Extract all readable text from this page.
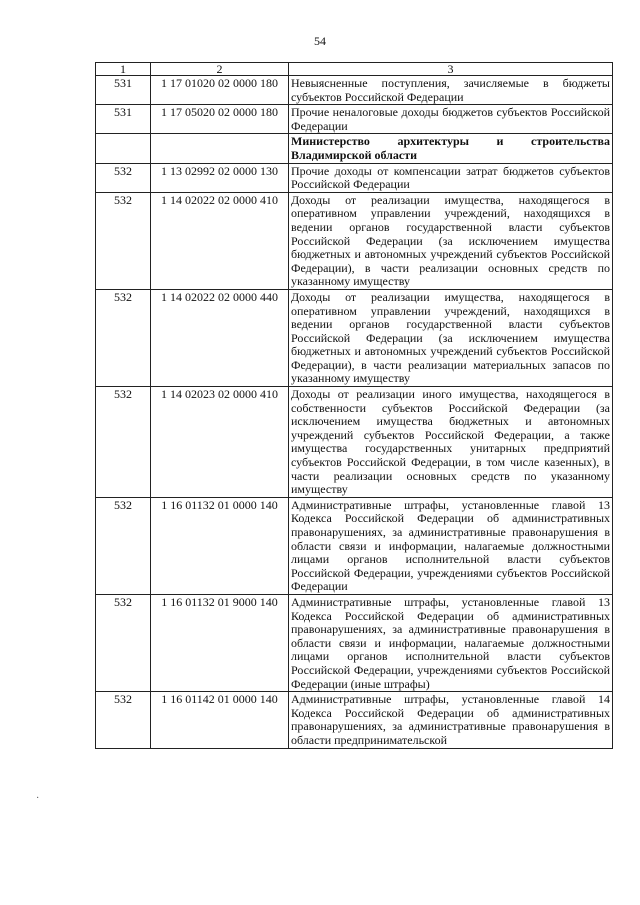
54
1	2	3
531	1 17 01020 02 0000 180	Невыясненные поступления, зачисляемые в бюджеты субъектов Российской Федерации
531	1 17 05020 02 0000 180	Прочие неналоговые доходы бюджетов субъектов Российской Федерации
		Министерство архитектуры и строительства Владимирской области
532	1 13 02992 02 0000 130	Прочие доходы от компенсации затрат бюджетов субъектов Российской Федерации
532	1 14 02022 02 0000 410	Доходы от реализации имущества, находящегося в оперативном управлении учреждений, находящихся в ведении органов государственной власти субъектов Российской Федерации (за исключением имущества бюджетных и автономных учреждений субъектов Российской Федерации), в части реализации основных средств по указанному имуществу
532	1 14 02022 02 0000 440	Доходы от реализации имущества, находящегося в оперативном управлении учреждений, находящихся в ведении органов государственной власти субъектов Российской Федерации (за исключением имущества бюджетных и автономных учреждений субъектов Российской Федерации), в части реализации материальных запасов по указанному имуществу
532	1 14 02023 02 0000 410	Доходы от реализации иного имущества, находящегося в собственности субъектов Российской Федерации (за исключением имущества бюджетных и автономных учреждений субъектов Российской Федерации, а также имущества государственных унитарных предприятий субъектов Российской Федерации, в том числе казенных), в части реализации основных средств по указанному имуществу
532	1 16 01132 01 0000 140	Административные штрафы, установленные главой 13 Кодекса Российской Федерации об административных правонарушениях, за административные правонарушения в области связи и информации, налагаемые должностными лицами органов исполнительной власти субъектов Российской Федерации, учреждениями субъектов Российской Федерации
532	1 16 01132 01 9000 140	Административные штрафы, установленные главой 13 Кодекса Российской Федерации об административных правонарушениях, за административные правонарушения в области связи и информации, налагаемые должностными лицами органов исполнительной власти субъектов Российской Федерации, учреждениями субъектов Российской Федерации (иные штрафы)
532	1 16 01142 01 0000 140	Административные штрафы, установленные главой 14 Кодекса Российской Федерации об административных правонарушениях, за административные правонарушения в области предпринимательской
·
